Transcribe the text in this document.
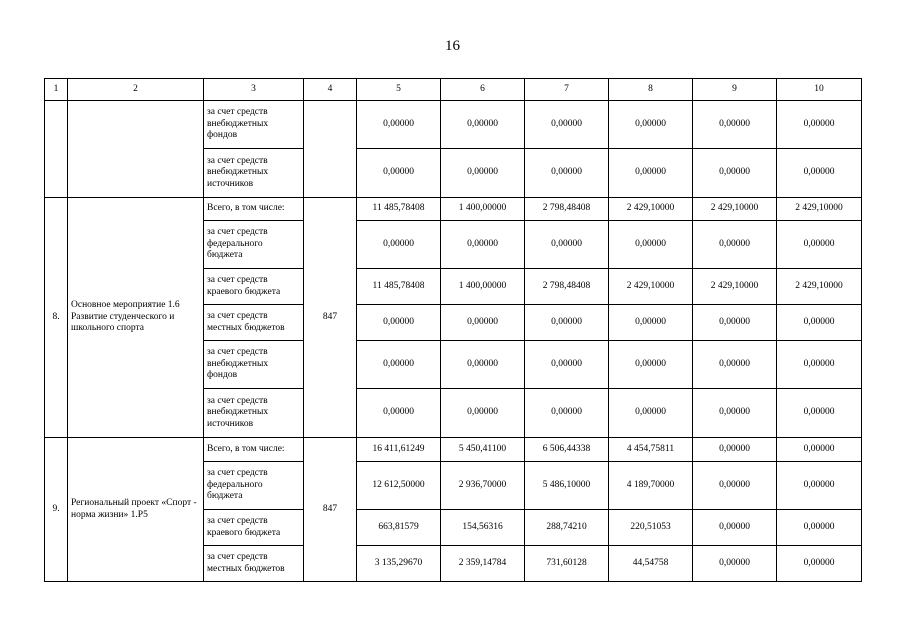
16
1	2	3	4	5	6	7	8	9	10
		за счет средств внебюджетных фондов		0,00000	0,00000	0,00000	0,00000	0,00000	0,00000
		за счет средств внебюджетных источников		0,00000	0,00000	0,00000	0,00000	0,00000	0,00000
8.	Основное мероприятие 1.6 Развитие студенческого и школьного спорта	Всего, в том числе:	847	11 485,78408	1 400,00000	2 798,48408	2 429,10000	2 429,10000	2 429,10000
		за счет средств федерального бюджета		0,00000	0,00000	0,00000	0,00000	0,00000	0,00000
		за счет средств краевого бюджета		11 485,78408	1 400,00000	2 798,48408	2 429,10000	2 429,10000	2 429,10000
		за счет средств местных бюджетов		0,00000	0,00000	0,00000	0,00000	0,00000	0,00000
		за счет средств внебюджетных фондов		0,00000	0,00000	0,00000	0,00000	0,00000	0,00000
		за счет средств внебюджетных источников		0,00000	0,00000	0,00000	0,00000	0,00000	0,00000
9.	Региональный проект «Спорт - норма жизни» 1.Р5	Всего, в том числе:	847	16 411,61249	5 450,41100	6 506,44338	4 454,75811	0,00000	0,00000
		за счет средств федерального бюджета		12 612,50000	2 936,70000	5 486,10000	4 189,70000	0,00000	0,00000
		за счет средств краевого бюджета		663,81579	154,56316	288,74210	220,51053	0,00000	0,00000
		за счет средств местных бюджетов		3 135,29670	2 359,14784	731,60128	44,54758	0,00000	0,00000
